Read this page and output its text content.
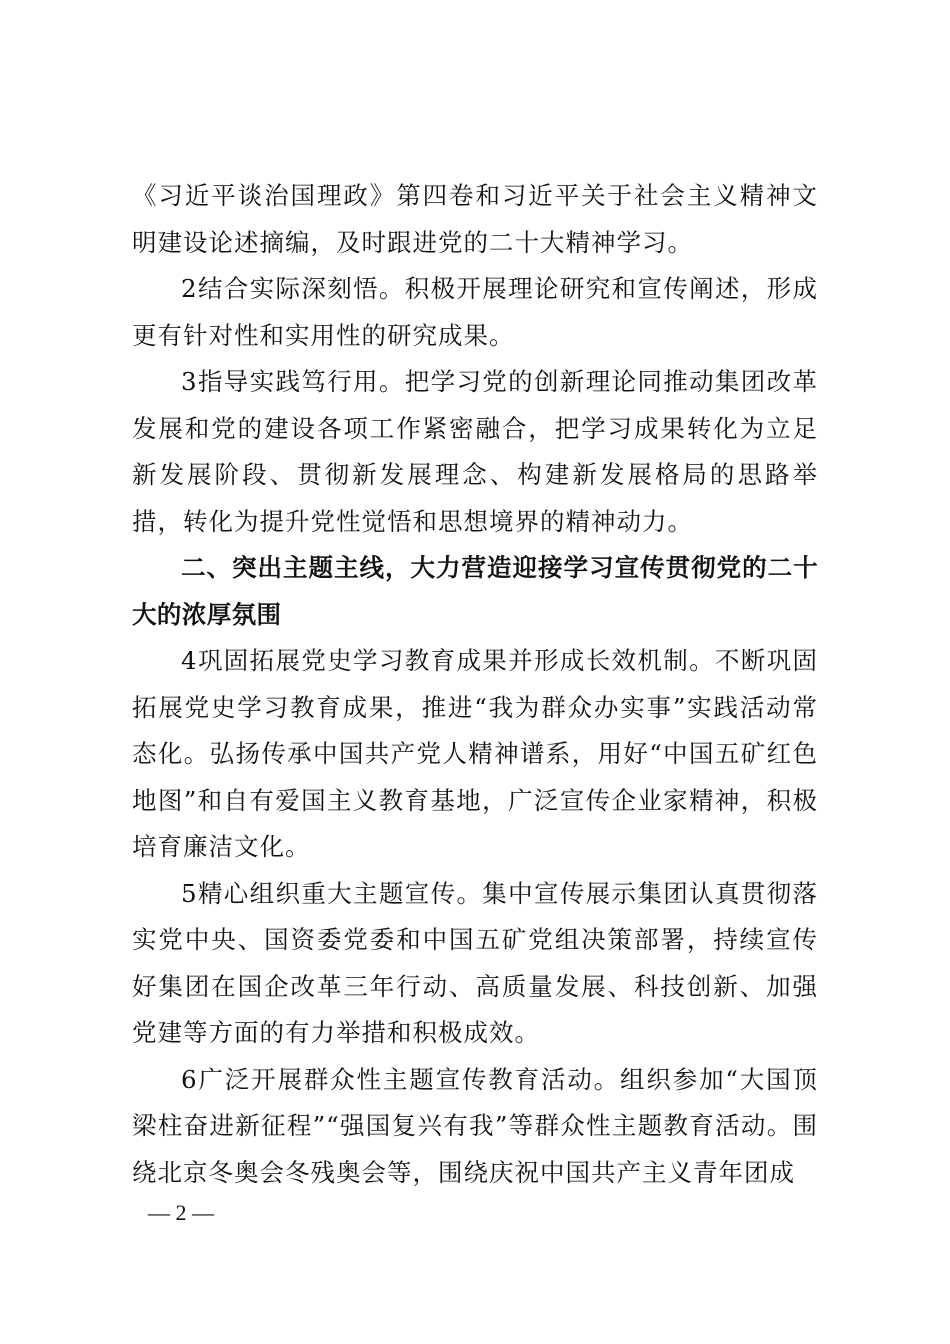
《习近平谈治国理政》第四卷和习近平关于社会主义精神文明建设论述摘编，及时跟进党的二十大精神学习。

2结合实际深刻悟。积极开展理论研究和宣传阐述，形成更有针对性和实用性的研究成果。

3指导实践笃行用。把学习党的创新理论同推动集团改革发展和党的建设各项工作紧密融合，把学习成果转化为立足新发展阶段、贯彻新发展理念、构建新发展格局的思路举措，转化为提升党性觉悟和思想境界的精神动力。

二、突出主题主线，大力营造迎接学习宣传贯彻党的二十大的浓厚氛围

4巩固拓展党史学习教育成果并形成长效机制。不断巩固拓展党史学习教育成果，推进“我为群众办实事”实践活动常态化。弘扬传承中国共产党人精神谱系，用好“中国五矿红色地图”和自有爱国主义教育基地，广泛宣传企业家精神，积极培育廉洁文化。

5精心组织重大主题宣传。集中宣传展示集团认真贯彻落实党中央、国资委党委和中国五矿党组决策部署，持续宣传好集团在国企改革三年行动、高质量发展、科技创新、加强党建等方面的有力举措和积极成效。

6广泛开展群众性主题宣传教育活动。组织参加“大国顶梁柱奋进新征程”“强国复兴有我”等群众性主题教育活动。围绕北京冬奥会冬残奥会等，围绕庆祝中国共产主义青年团成

— 2 —
